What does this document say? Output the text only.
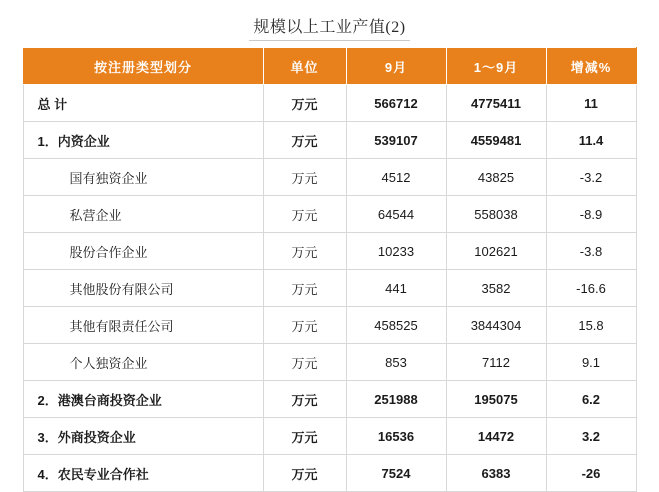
规模以上工业产值(2)
按注册类型划分	单位	9月	1～9月	增减%
总 计	万元	566712	4775411	11
1．内资企业	万元	539107	4559481	11.4
国有独资企业	万元	4512	43825	-3.2
私营企业	万元	64544	558038	-8.9
股份合作企业	万元	10233	102621	-3.8
其他股份有限公司	万元	441	3582	-16.6
其他有限责任公司	万元	458525	3844304	15.8
个人独资企业	万元	853	7112	9.1
2．港澳台商投资企业	万元	251988	195075	6.2
3．外商投资企业	万元	16536	14472	3.2
4．农民专业合作社	万元	7524	6383	-26
